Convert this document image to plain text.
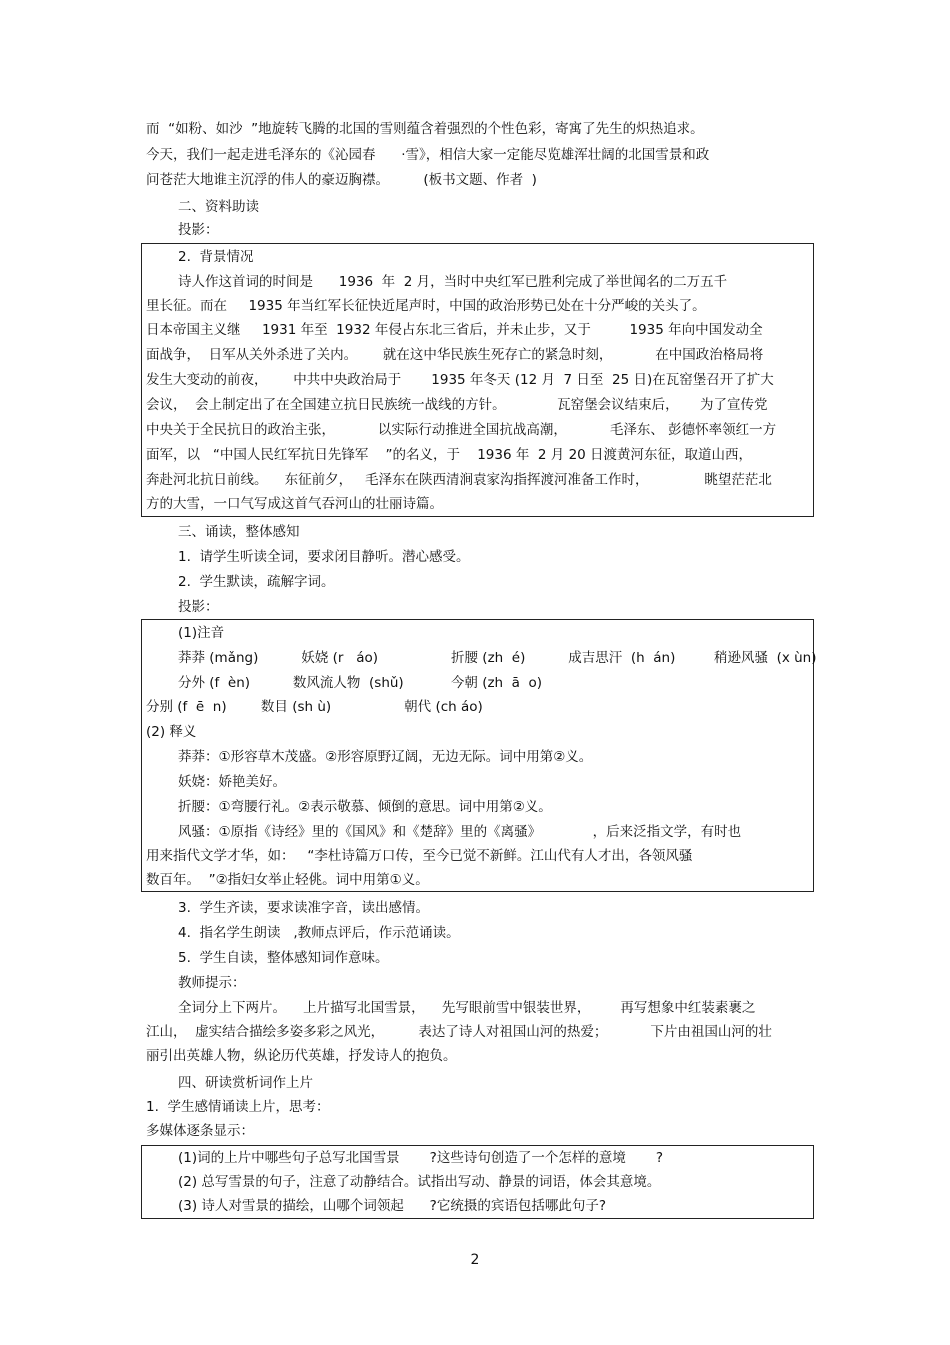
而  “如粉、如沙  ”地旋转飞腾的北国的雪则蕴含着强烈的个性色彩，寄寓了先生的炽热追求。
今天，我们一起走进毛泽东的《沁园春      ·雪》，相信大家一定能尽览雄浑壮阔的北国雪景和政
问苍茫大地谁主沉浮的伟人的豪迈胸襟。        (板书文题、作者  )
二、资料助读
投影：
2.  背景情况
诗人作这首词的时间是      1936  年  2 月，当时中央红军已胜利完成了举世闻名的二万五千
里长征。而在     1935 年当红军长征快近尾声时，中国的政治形势已处在十分严峻的关头了。
日本帝国主义继     1931 年至  1932 年侵占东北三省后，并未止步，又于         1935 年向中国发动全
面战争，  日军从关外杀进了关内。      就在这中华民族生死存亡的紧急时刻，          在中国政治格局将
发生大变动的前夜，      中共中央政治局于       1935 年冬天 (12 月  7 日至  25 日)在瓦窑堡召开了扩大
会议，  会上制定出了在全国建立抗日民族统一战线的方针。            瓦窑堡会议结束后，     为了宣传党
中央关于全民抗日的政治主张，          以实际行动推进全国抗战高潮，          毛泽东、 彭德怀率领红一方
面军，以   “中国人民红军抗日先锋军    ”的名义，于    1936 年  2 月 20 日渡黄河东征，取道山西，
奔赴河北抗日前线。    东征前夕，   毛泽东在陕西清涧袁家沟指挥渡河准备工作时，             眺望茫茫北
方的大雪，一口气写成这首气吞河山的壮丽诗篇。
三、诵读，整体感知
1.  请学生听读全词，要求闭目静听。潜心感受。
2.  学生默读，疏解字词。
投影：
(1)注音
莽莽 (mǎng)          妖娆 (r   áo)                 折腰 (zh  é)          成吉思汗  (h  án)         稍逊风骚  (x ùn)
分外 (f  èn)          数风流人物  (shǔ)           今朝 (zh  ā  o)
分别 (f  ē  n)        数目 (sh ù)                 朝代 (ch áo)
(2) 释义
莽莽：①形容草木茂盛。②形容原野辽阔，无边无际。词中用第②义。
妖娆：娇艳美好。
折腰：①弯腰行礼。②表示敬慕、倾倒的意思。词中用第②义。
风骚：①原指《诗经》里的《国风》和《楚辞》里的《离骚》            ，后来泛指文学，有时也
用来指代文学才华，如：   “李杜诗篇万口传，至今已觉不新鲜。江山代有人才出，各领风骚
数百年。  ”②指妇女举止轻佻。词中用第①义。
3.  学生齐读，要求读准字音，读出感情。
4.  指名学生朗读   ,教师点评后，作示范诵读。
5.  学生自读，整体感知词作意味。
教师提示：
全词分上下两片。    上片描写北国雪景，    先写眼前雪中银装世界，       再写想象中红装素裹之
江山，  虚实结合描绘多姿多彩之风光，        表达了诗人对祖国山河的热爱；          下片由祖国山河的壮
丽引出英雄人物，纵论历代英雄，抒发诗人的抱负。
四、研读赏析词作上片
1.  学生感情诵读上片，思考：
多媒体逐条显示：
(1)词的上片中哪些句子总写北国雪景       ?这些诗句创造了一个怎样的意境       ?
(2) 总写雪景的句子，注意了动静结合。试指出写动、静景的词语，体会其意境。
(3) 诗人对雪景的描绘，山哪个词领起      ?它统摄的宾语包括哪此句子?
2
